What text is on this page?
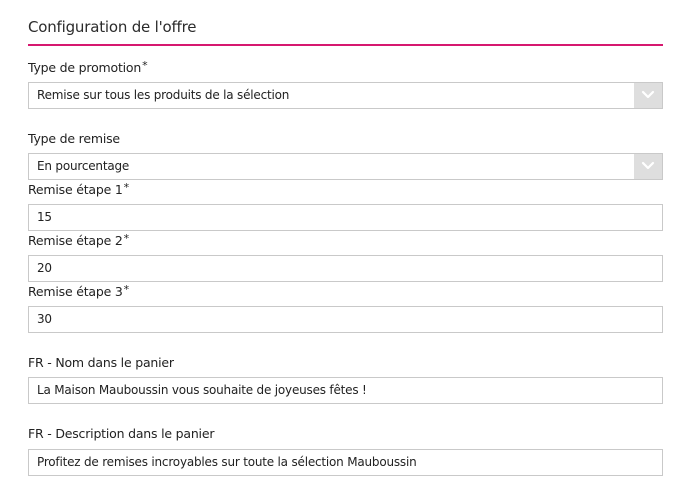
Configuration de l'offre
Type de promotion*
Remise sur tous les produits de la sélection
Type de remise
En pourcentage
Remise étape 1*
15
Remise étape 2*
20
Remise étape 3*
30
FR - Nom dans le panier
La Maison Mauboussin vous souhaite de joyeuses fêtes !
FR - Description dans le panier
Profitez de remises incroyables sur toute la sélection Mauboussin
